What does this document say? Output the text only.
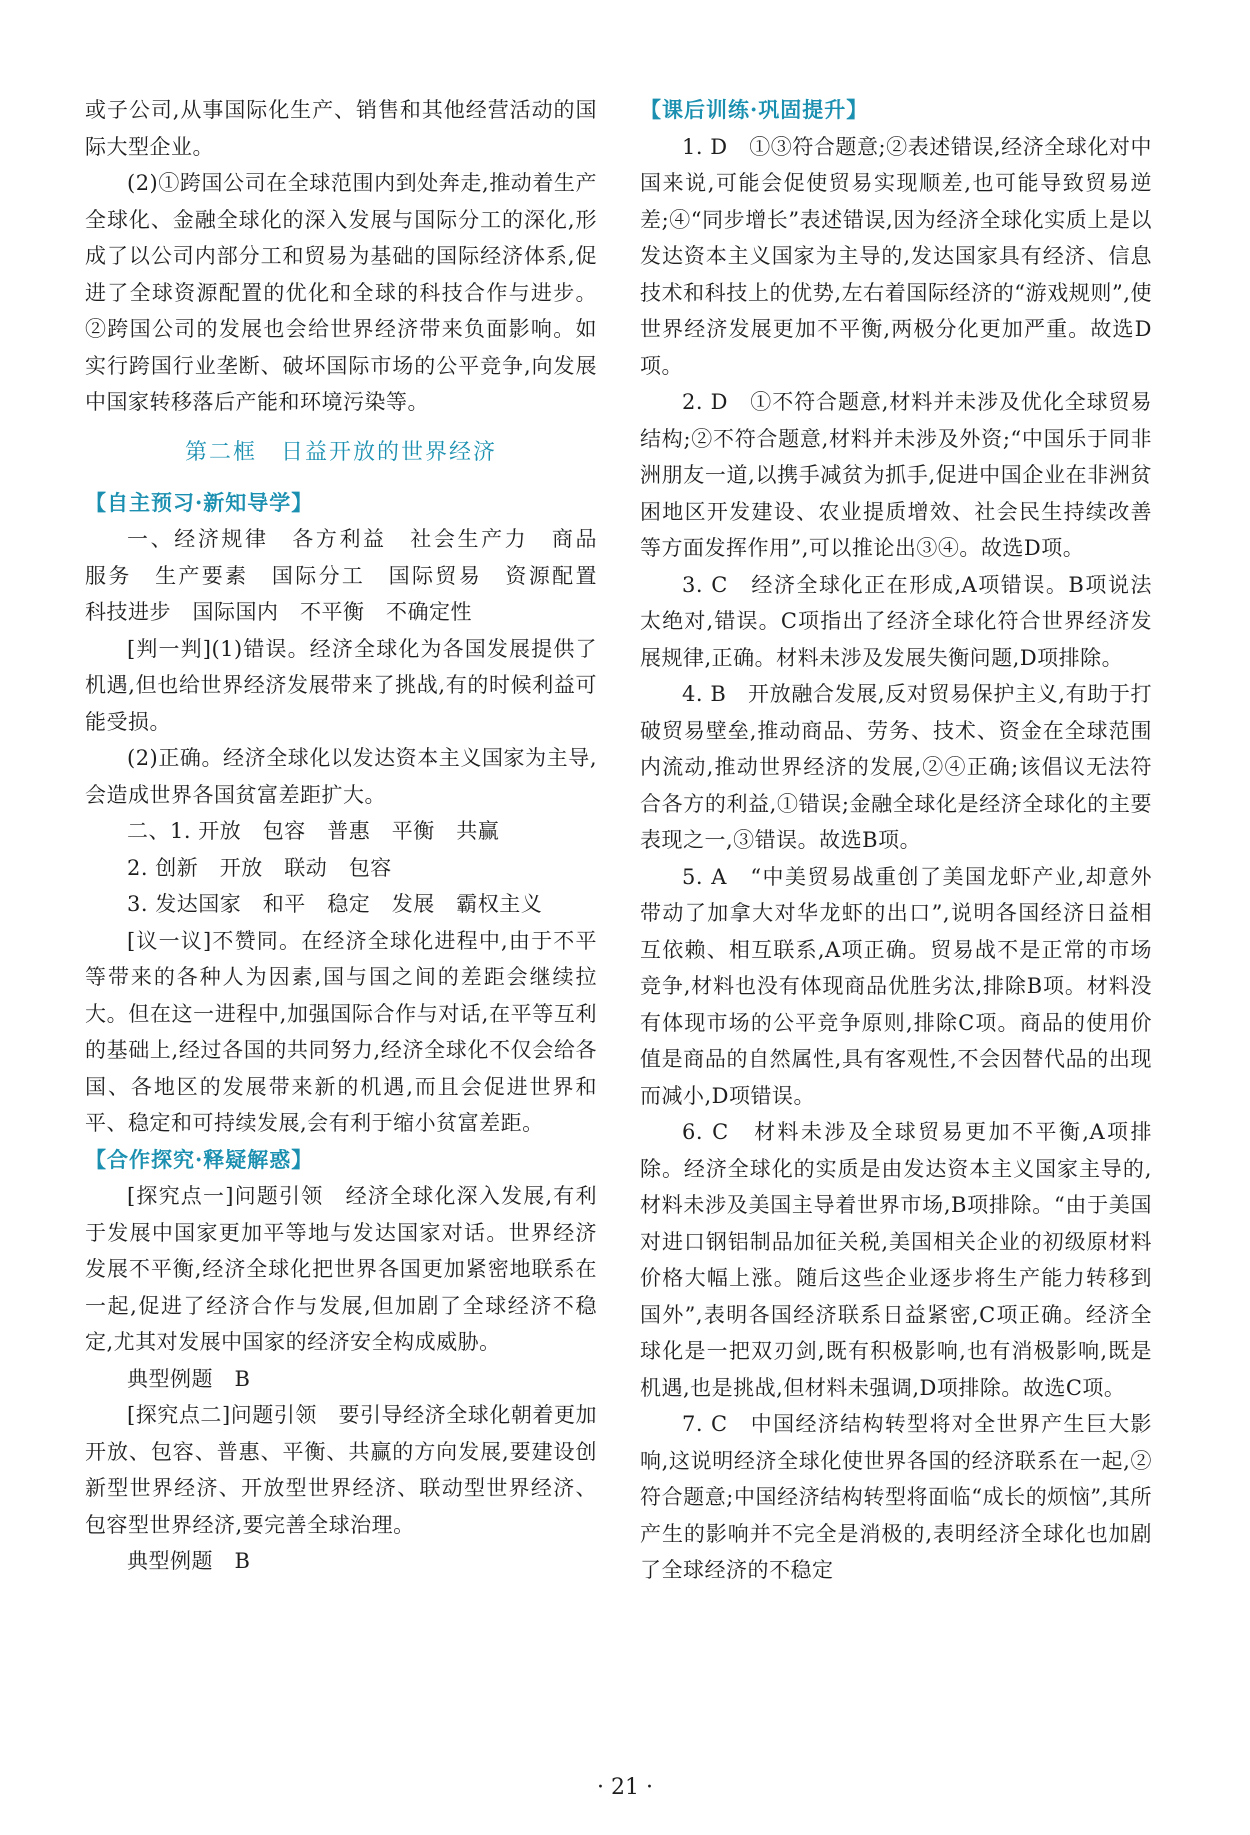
或子公司,从事国际化生产、销售和其他经营活动的国际大型企业。

(2)①跨国公司在全球范围内到处奔走,推动着生产全球化、金融全球化的深入发展与国际分工的深化,形成了以公司内部分工和贸易为基础的国际经济体系,促进了全球资源配置的优化和全球的科技合作与进步。②跨国公司的发展也会给世界经济带来负面影响。如实行跨国行业垄断、破坏国际市场的公平竞争,向发展中国家转移落后产能和环境污染等。

第二框　日益开放的世界经济

【自主预习·新知导学】

一、经济规律　各方利益　社会生产力　商品　服务　生产要素　国际分工　国际贸易　资源配置　科技进步　国际国内　不平衡　不确定性

[判一判](1)错误。经济全球化为各国发展提供了机遇,但也给世界经济发展带来了挑战,有的时候利益可能受损。

(2)正确。经济全球化以发达资本主义国家为主导,会造成世界各国贫富差距扩大。

二、1. 开放　包容　普惠　平衡　共赢

2. 创新　开放　联动　包容

3. 发达国家　和平　稳定　发展　霸权主义

[议一议]不赞同。在经济全球化进程中,由于不平等带来的各种人为因素,国与国之间的差距会继续拉大。但在这一进程中,加强国际合作与对话,在平等互利的基础上,经过各国的共同努力,经济全球化不仅会给各国、各地区的发展带来新的机遇,而且会促进世界和平、稳定和可持续发展,会有利于缩小贫富差距。

【合作探究·释疑解惑】

[探究点一]问题引领　经济全球化深入发展,有利于发展中国家更加平等地与发达国家对话。世界经济发展不平衡,经济全球化把世界各国更加紧密地联系在一起,促进了经济合作与发展,但加剧了全球经济不稳定,尤其对发展中国家的经济安全构成威胁。

典型例题　B

[探究点二]问题引领　要引导经济全球化朝着更加开放、包容、普惠、平衡、共赢的方向发展,要建设创新型世界经济、开放型世界经济、联动型世界经济、包容型世界经济,要完善全球治理。

典型例题　B

【课后训练·巩固提升】

1. D　①③符合题意;②表述错误,经济全球化对中国来说,可能会促使贸易实现顺差,也可能导致贸易逆差;④“同步增长”表述错误,因为经济全球化实质上是以发达资本主义国家为主导的,发达国家具有经济、信息技术和科技上的优势,左右着国际经济的“游戏规则”,使世界经济发展更加不平衡,两极分化更加严重。故选D项。

2. D　①不符合题意,材料并未涉及优化全球贸易结构;②不符合题意,材料并未涉及外资;“中国乐于同非洲朋友一道,以携手减贫为抓手,促进中国企业在非洲贫困地区开发建设、农业提质增效、社会民生持续改善等方面发挥作用”,可以推论出③④。故选D项。

3. C　经济全球化正在形成,A项错误。B项说法太绝对,错误。C项指出了经济全球化符合世界经济发展规律,正确。材料未涉及发展失衡问题,D项排除。

4. B　开放融合发展,反对贸易保护主义,有助于打破贸易壁垒,推动商品、劳务、技术、资金在全球范围内流动,推动世界经济的发展,②④正确;该倡议无法符合各方的利益,①错误;金融全球化是经济全球化的主要表现之一,③错误。故选B项。

5. A　“中美贸易战重创了美国龙虾产业,却意外带动了加拿大对华龙虾的出口”,说明各国经济日益相互依赖、相互联系,A项正确。贸易战不是正常的市场竞争,材料也没有体现商品优胜劣汰,排除B项。材料没有体现市场的公平竞争原则,排除C项。商品的使用价值是商品的自然属性,具有客观性,不会因替代品的出现而减小,D项错误。

6. C　材料未涉及全球贸易更加不平衡,A项排除。经济全球化的实质是由发达资本主义国家主导的,材料未涉及美国主导着世界市场,B项排除。“由于美国对进口钢铝制品加征关税,美国相关企业的初级原材料价格大幅上涨。随后这些企业逐步将生产能力转移到国外”,表明各国经济联系日益紧密,C项正确。经济全球化是一把双刃剑,既有积极影响,也有消极影响,既是机遇,也是挑战,但材料未强调,D项排除。故选C项。

7. C　中国经济结构转型将对全世界产生巨大影响,这说明经济全球化使世界各国的经济联系在一起,②符合题意;中国经济结构转型将面临“成长的烦恼”,其所产生的影响并不完全是消极的,表明经济全球化也加剧了全球经济的不稳定

· 21 ·
